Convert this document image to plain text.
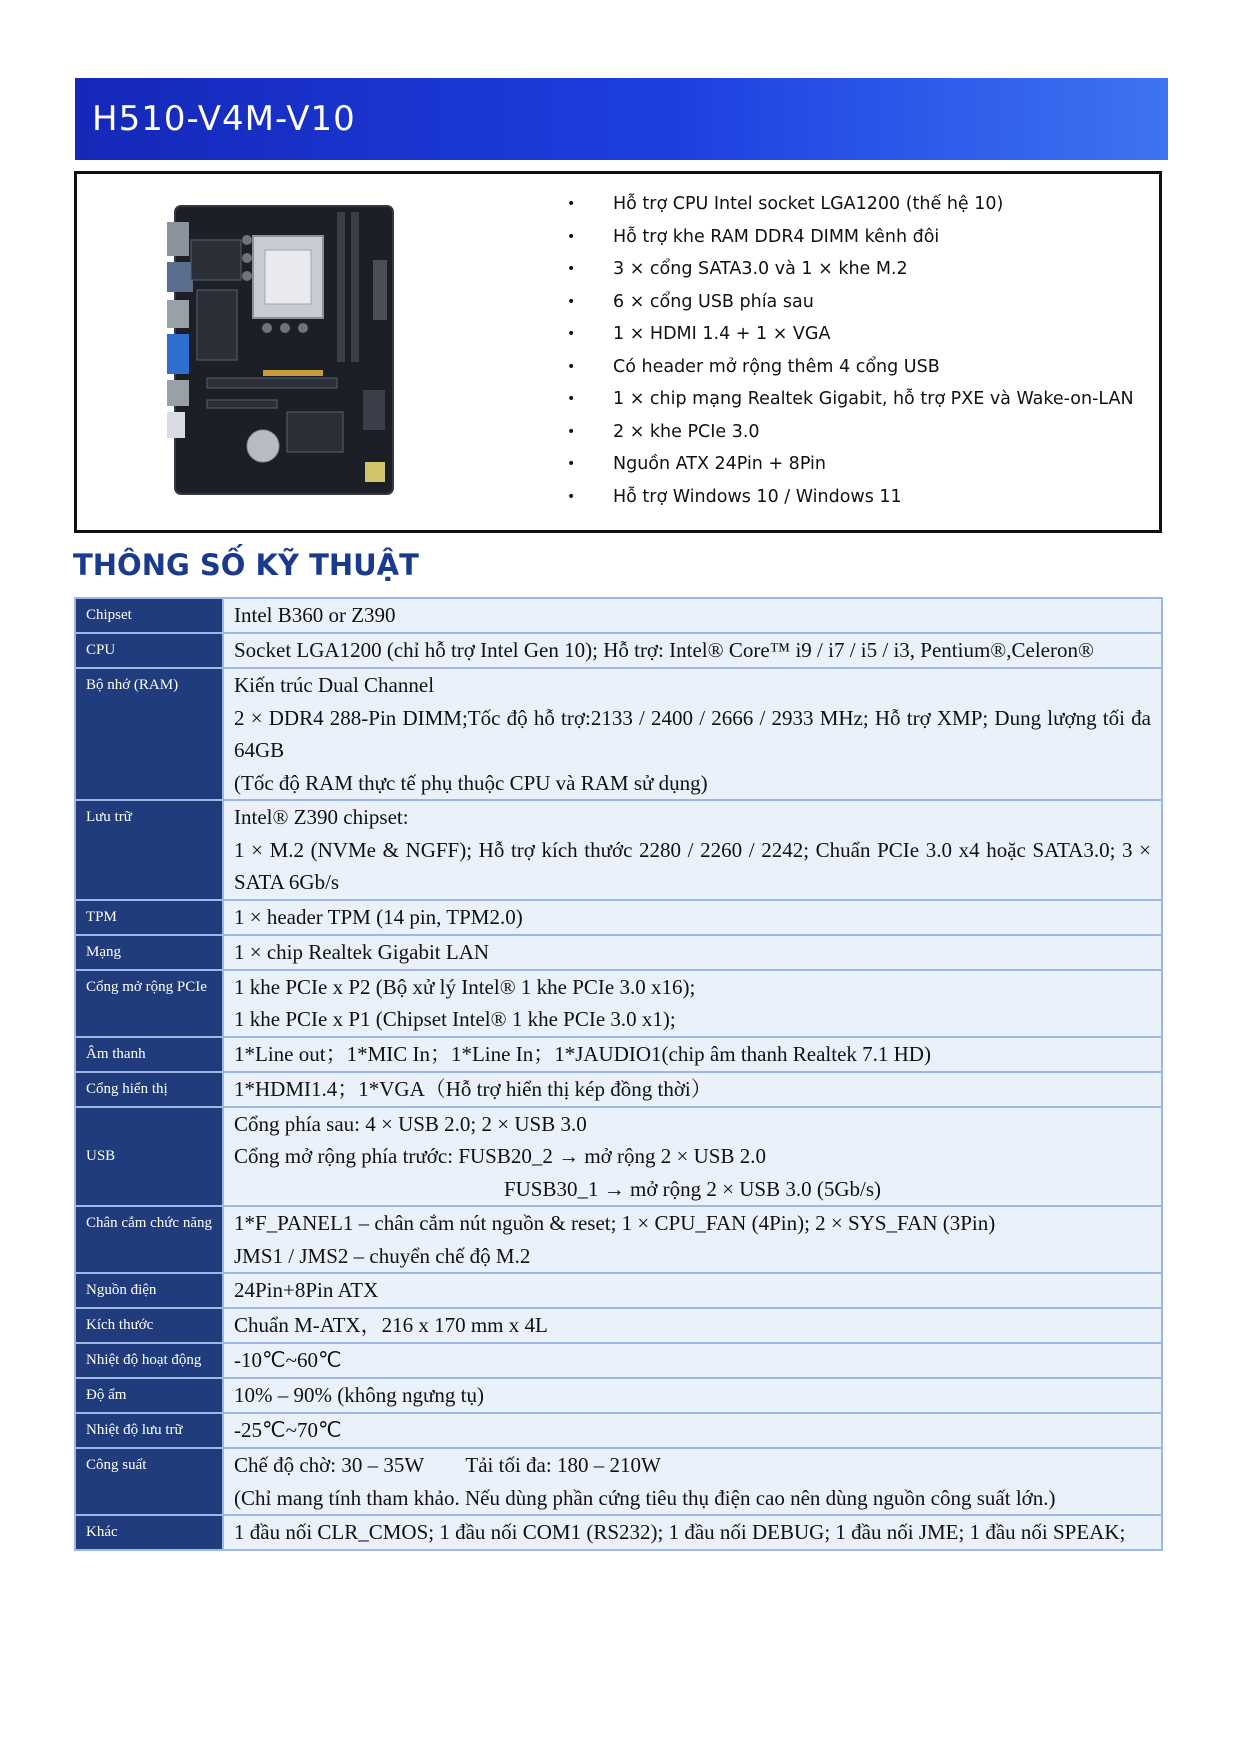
H510-V4M-V10
• Hỗ trợ CPU Intel socket LGA1200 (thế hệ 10)
• Hỗ trợ khe RAM DDR4 DIMM kênh đôi
• 3 × cổng SATA3.0 và 1 × khe M.2
• 6 × cổng USB phía sau
• 1 × HDMI 1.4 + 1 × VGA
• Có header mở rộng thêm 4 cổng USB
• 1 × chip mạng Realtek Gigabit, hỗ trợ PXE và Wake-on-LAN
• 2 × khe PCIe 3.0
• Nguồn ATX 24Pin + 8Pin
• Hỗ trợ Windows 10 / Windows 11
THÔNG SỐ KỸ THUẬT
Chipset	Intel B360 or Z390

CPU	Socket LGA1200 (chỉ hỗ trợ Intel Gen 10); Hỗ trợ: Intel® Core™ i9 / i7 / i5 / i3, Pentium®,Celeron®

Bộ nhớ (RAM)	Kiến trúc Dual Channel
2 × DDR4 288-Pin DIMM;Tốc độ hỗ trợ:2133 / 2400 / 2666 / 2933 MHz; Hỗ trợ XMP; Dung lượng tối đa 64GB
(Tốc độ RAM thực tế phụ thuộc CPU và RAM sử dụng)

Lưu trữ	Intel® Z390 chipset:
1 × M.2 (NVMe & NGFF); Hỗ trợ kích thước 2280 / 2260 / 2242; Chuẩn PCIe 3.0 x4 hoặc SATA3.0; 3 × SATA 6Gb/s

TPM	1 × header TPM (14 pin, TPM2.0)

Mạng	1 × chip Realtek Gigabit LAN

Cổng mở rộng PCIe	1 khe PCIe x P2 (Bộ xử lý Intel® 1 khe PCIe 3.0 x16);
1 khe PCIe x P1 (Chipset Intel® 1 khe PCIe 3.0 x1);

Âm thanh	1*Line out；1*MIC In；1*Line In；1*JAUDIO1(chip âm thanh Realtek 7.1 HD)

Cổng hiển thị	1*HDMI1.4；1*VGA（Hỗ trợ hiển thị kép đồng thời）

USB	Cổng phía sau: 4 × USB 2.0; 2 × USB 3.0
Cổng mở rộng phía trước: FUSB20_2 → mở rộng 2 × USB 2.0
FUSB30_1 → mở rộng 2 × USB 3.0 (5Gb/s)

Chân cắm chức năng	1*F_PANEL1 – chân cắm nút nguồn & reset; 1 × CPU_FAN (4Pin); 2 × SYS_FAN (3Pin)
JMS1 / JMS2 – chuyển chế độ M.2

Nguồn điện	24Pin+8Pin ATX

Kích thước	Chuẩn M-ATX，216 x 170 mm x 4L

Nhiệt độ hoạt động	-10℃~60℃

Độ ẩm	10% – 90% (không ngưng tụ)

Nhiệt độ lưu trữ	-25℃~70℃

Công suất	Chế độ chờ: 30 – 35W        Tải tối đa: 180 – 210W
(Chỉ mang tính tham khảo. Nếu dùng phần cứng tiêu thụ điện cao nên dùng nguồn công suất lớn.)

Khác	1 đầu nối CLR_CMOS; 1 đầu nối COM1 (RS232); 1 đầu nối DEBUG; 1 đầu nối JME; 1 đầu nối SPEAK;
